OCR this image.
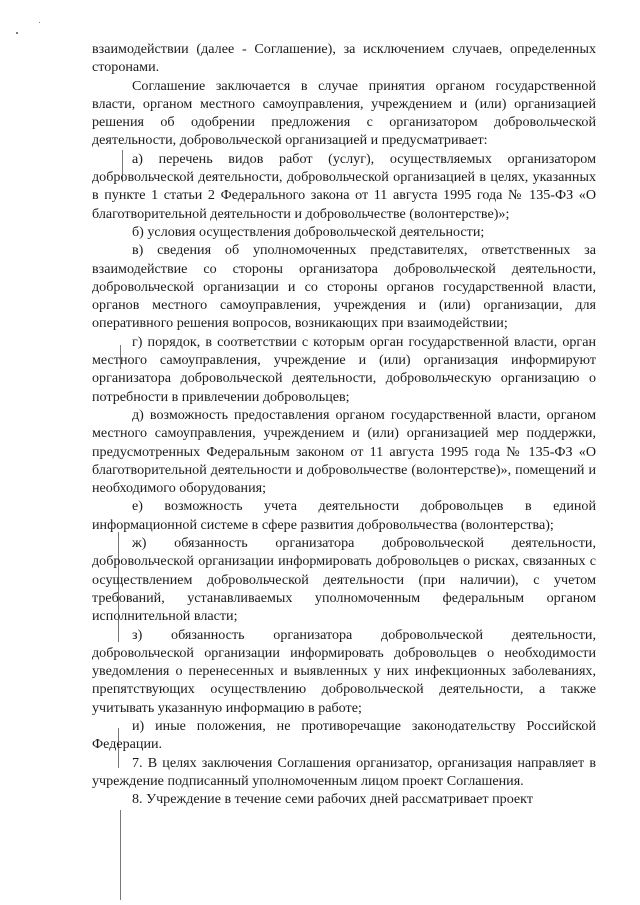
взаимодействии (далее - Соглашение), за исключением случаев, определенных сторонами.

Соглашение заключается в случае принятия органом государственной власти, органом местного самоуправления, учреждением и (или) организацией решения об одобрении предложения с организатором добровольческой деятельности, добровольческой организацией и предусматривает:

а) перечень видов работ (услуг), осуществляемых организатором добровольческой деятельности, добровольческой организацией в целях, указанных в пункте 1 статьи 2 Федерального закона от 11 августа 1995 года № 135-ФЗ «О благотворительной деятельности и добровольчестве (волонтерстве)»;

б) условия осуществления добровольческой деятельности;

в) сведения об уполномоченных представителях, ответственных за взаимодействие со стороны организатора добровольческой деятельности, добровольческой организации и со стороны органов государственной власти, органов местного самоуправления, учреждения и (или) организации, для оперативного решения вопросов, возникающих при взаимодействии;

г) порядок, в соответствии с которым орган государственной власти, орган местного самоуправления, учреждение и (или) организация информируют организатора добровольческой деятельности, добровольческую организацию о потребности в привлечении добровольцев;

д) возможность предоставления органом государственной власти, органом местного самоуправления, учреждением и (или) организацией мер поддержки, предусмотренных Федеральным законом от 11 августа 1995 года № 135-ФЗ «О благотворительной деятельности и добровольчестве (волонтерстве)», помещений и необходимого оборудования;

е) возможность учета деятельности добровольцев в единой информационной системе в сфере развития добровольчества (волонтерства);

ж) обязанность организатора добровольческой деятельности, добровольческой организации информировать добровольцев о рисках, связанных с осуществлением добровольческой деятельности (при наличии), с учетом требований, устанавливаемых уполномоченным федеральным органом исполнительной власти;

з) обязанность организатора добровольческой деятельности, добровольческой организации информировать добровольцев о необходимости уведомления о перенесенных и выявленных у них инфекционных заболеваниях, препятствующих осуществлению добровольческой деятельности, а также учитывать указанную информацию в работе;

и) иные положения, не противоречащие законодательству Российской Федерации.

7. В целях заключения Соглашения организатор, организация направляет в учреждение подписанный уполномоченным лицом проект Соглашения.

8. Учреждение в течение семи рабочих дней рассматривает проект
